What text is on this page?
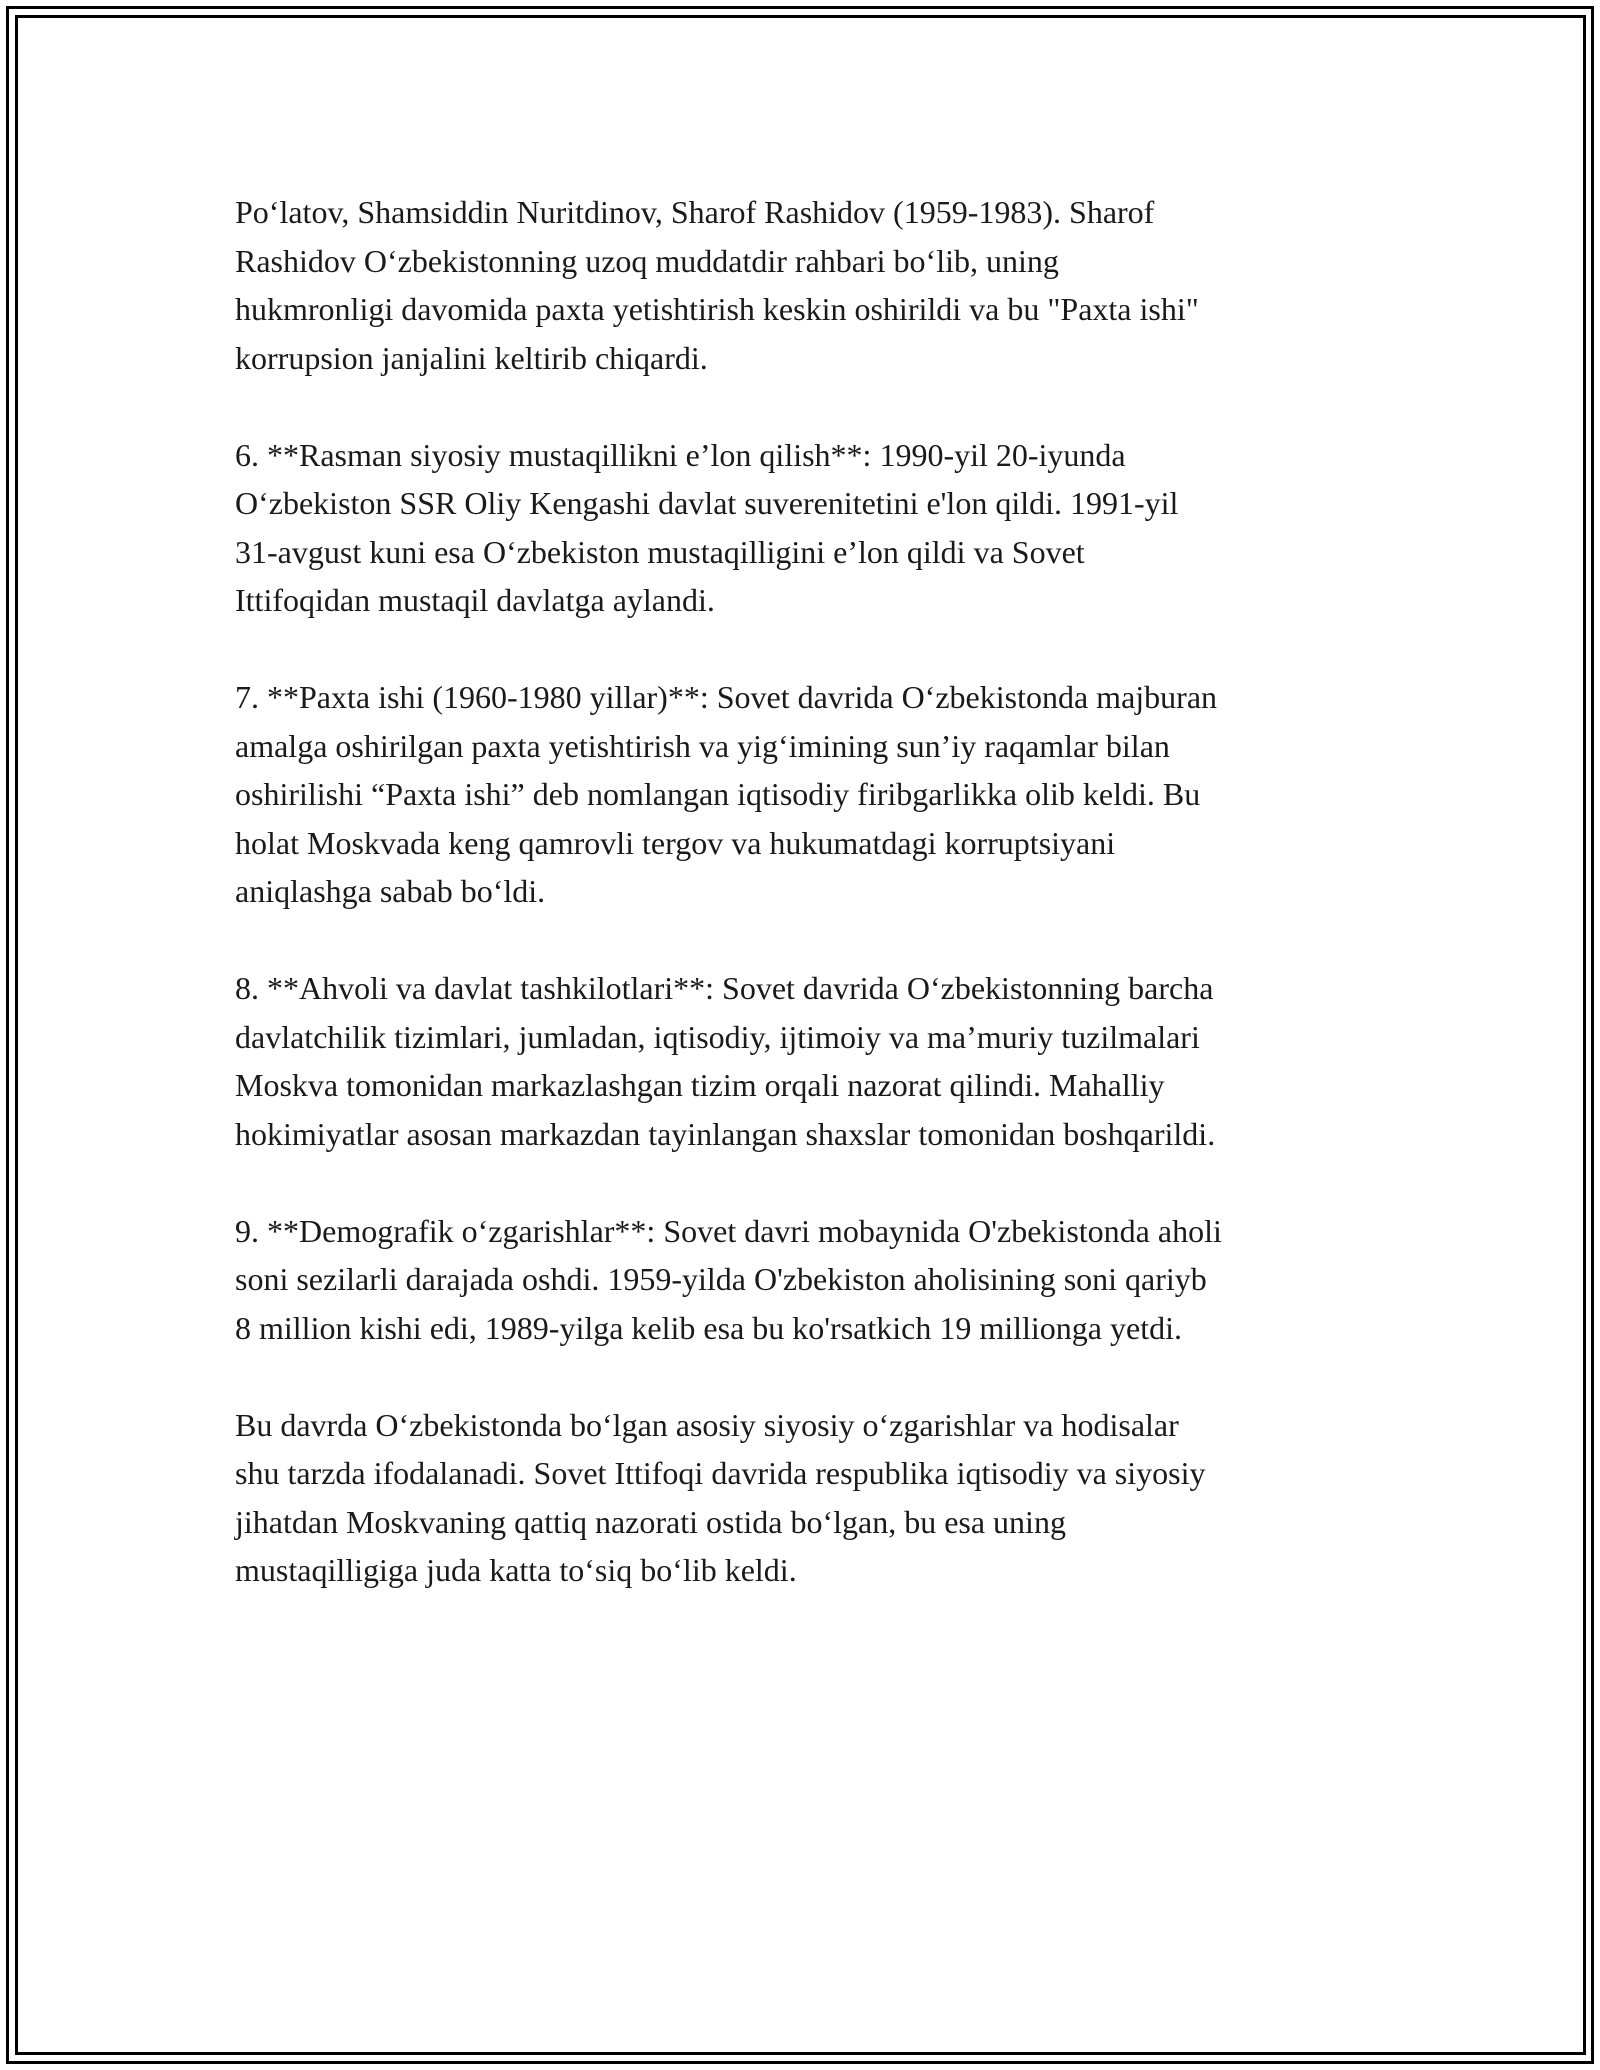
Poʻlatov, Shamsiddin Nuritdinov, Sharof Rashidov (1959-1983). Sharof
Rashidov Oʻzbekistonning uzoq muddatdir rahbari boʻlib, uning
hukmronligi davomida paxta yetishtirish keskin oshirildi va bu "Paxta ishi"
korrupsion janjalini keltirib chiqardi.

6. **Rasman siyosiy mustaqillikni e’lon qilish**: 1990-yil 20-iyunda
Oʻzbekiston SSR Oliy Kengashi davlat suverenitetini e'lon qildi. 1991-yil
31-avgust kuni esa Oʻzbekiston mustaqilligini e’lon qildi va Sovet
Ittifoqidan mustaqil davlatga aylandi.

7. **Paxta ishi (1960-1980 yillar)**: Sovet davrida Oʻzbekistonda majburan
amalga oshirilgan paxta yetishtirish va yigʻimining sun’iy raqamlar bilan
oshirilishi “Paxta ishi” deb nomlangan iqtisodiy firibgarlikka olib keldi. Bu
holat Moskvada keng qamrovli tergov va hukumatdagi korruptsiyani
aniqlashga sabab boʻldi.

8. **Ahvoli va davlat tashkilotlari**: Sovet davrida Oʻzbekistonning barcha
davlatchilik tizimlari, jumladan, iqtisodiy, ijtimoiy va ma’muriy tuzilmalari
Moskva tomonidan markazlashgan tizim orqali nazorat qilindi. Mahalliy
hokimiyatlar asosan markazdan tayinlangan shaxslar tomonidan boshqarildi.

9. **Demografik oʻzgarishlar**: Sovet davri mobaynida O'zbekistonda aholi
soni sezilarli darajada oshdi. 1959-yilda O'zbekiston aholisining soni qariyb
8 million kishi edi, 1989-yilga kelib esa bu ko'rsatkich 19 millionga yetdi.

Bu davrda Oʻzbekistonda boʻlgan asosiy siyosiy oʻzgarishlar va hodisalar
shu tarzda ifodalanadi. Sovet Ittifoqi davrida respublika iqtisodiy va siyosiy
jihatdan Moskvaning qattiq nazorati ostida boʻlgan, bu esa uning
mustaqilligiga juda katta toʻsiq boʻlib keldi.
